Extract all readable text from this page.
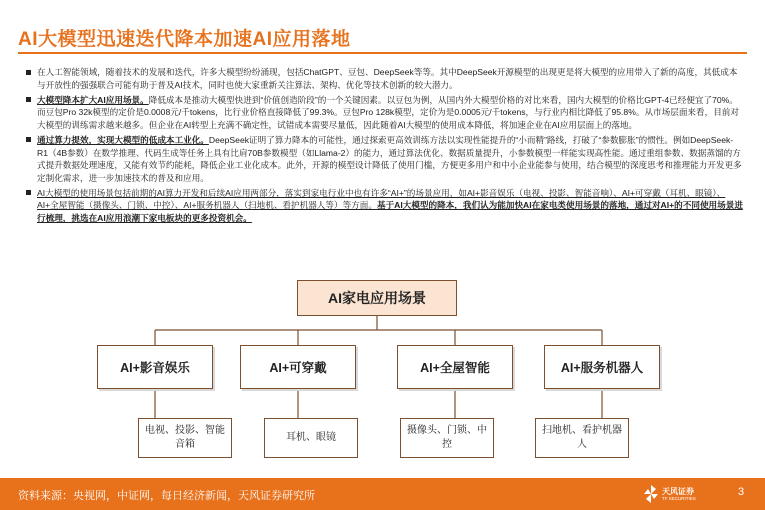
AI大模型迅速迭代降本加速AI应用落地
在人工智能领域，随着技术的发展和迭代，许多大模型纷纷涌现，包括ChatGPT、豆包、DeepSeek等等。其中DeepSeek开源模型的出现更是将大模型的应用带入了新的高度，其低成本与开放性的强强联合可能有助于普及AI技术，同时也使大家重新关注算法、架构、优化等技术创新的较大潜力。
大模型降本扩大AI应用场景。降低成本是推动大模型快进到“价值创造阶段”的一个关键因素。以豆包为例，从国内外大模型价格的对比来看，国内大模型的价格比GPT-4已经便宜了70%。而豆包Pro 32k模型的定价是0.0008元/千tokens，比行业价格直接降低了99.3%。豆包Pro 128k模型，定价为是0.0005元/千tokens，与行业内相比降低了95.8%。从市场层面来看，目前对大模型的训练需求越来越多。但企业在AI转型上充满不确定性，试错成本需要尽量低，因此随着AI大模型的使用成本降低，将加速企业在AI应用层面上的落地。
通过算力提效，实现大模型的低成本工业化。DeepSeek证明了算力降本的可能性，通过探索更高效训练方法以实现性能提升的“小而精”路线，打破了“参数膨胀”的惯性。例如DeepSeek-R1（4B参数）在数学推理、代码生成等任务上具有比肩70B参数模型（如Llama-2）的能力，通过算法优化、数据质量提升，小参数模型一样能实现高性能。通过重组参数、数据蒸馏的方式提升数据处理速度，又能有效节约能耗，降低企业工业化成本。此外，开源的模型设计降低了使用门槛，方便更多用户和中小企业能参与使用，结合模型的深度思考和推理能力开发更多定制化需求，进一步加速技术的普及和应用。
AI大模型的使用场景包括前期的AI算力开发和后续AI应用两部分，落实到家电行业中也有许多“AI+”的场景应用，如AI+影音娱乐（电视、投影、智能音响）、AI+可穿戴（耳机、眼镜）、AI+全屋智能（摄像头、门锁、中控）、AI+服务机器人（扫地机、看护机器人等）等方面。基于AI大模型的降本，我们认为能加快AI在家电类使用场景的落地，通过对AI+的不同使用场景进行梳理，挑选在AI应用浪潮下家电板块的更多投资机会。
AI家电应用场景
AI+影音娱乐	AI+可穿戴	AI+全屋智能	AI+服务机器人
电视、投影、智能音箱
耳机、眼镜
摄像头、门锁、中控
扫地机、看护机器人
资料来源：央视网，中证网，每日经济新闻，天风证券研究所	天风证券
TF SECURITIES
3
